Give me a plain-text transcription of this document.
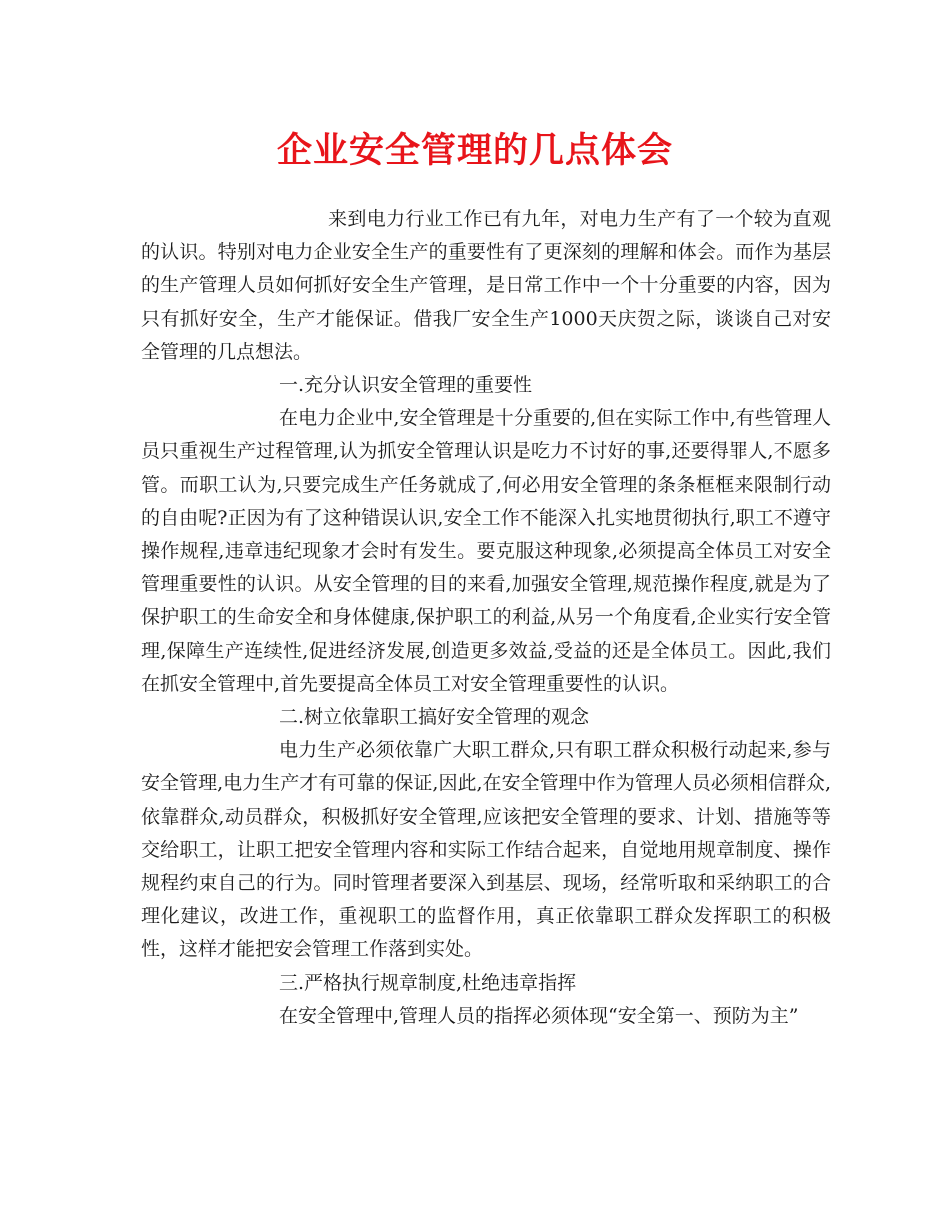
企业安全管理的几点体会

来到电力行业工作已有九年，对电力生产有了一个较为直观的认识。特别对电力企业安全生产的重要性有了更深刻的理解和体会。而作为基层的生产管理人员如何抓好安全生产管理，是日常工作中一个十分重要的内容，因为只有抓好安全，生产才能保证。借我厂安全生产1000天庆贺之际，谈谈自己对安全管理的几点想法。

一.充分认识安全管理的重要性

在电力企业中,安全管理是十分重要的,但在实际工作中,有些管理人员只重视生产过程管理,认为抓安全管理认识是吃力不讨好的事,还要得罪人,不愿多管。而职工认为,只要完成生产任务就成了,何必用安全管理的条条框框来限制行动的自由呢?正因为有了这种错误认识,安全工作不能深入扎实地贯彻执行,职工不遵守操作规程,违章违纪现象才会时有发生。要克服这种现象,必须提高全体员工对安全管理重要性的认识。从安全管理的目的来看,加强安全管理,规范操作程度,就是为了保护职工的生命安全和身体健康,保护职工的利益,从另一个角度看,企业实行安全管理,保障生产连续性,促进经济发展,创造更多效益,受益的还是全体员工。因此,我们在抓安全管理中,首先要提高全体员工对安全管理重要性的认识。

二.树立依靠职工搞好安全管理的观念

电力生产必须依靠广大职工群众,只有职工群众积极行动起来,参与安全管理,电力生产才有可靠的保证,因此,在安全管理中作为管理人员必须相信群众,依靠群众,动员群众，积极抓好安全管理,应该把安全管理的要求、计划、措施等等交给职工，让职工把安全管理内容和实际工作结合起来，自觉地用规章制度、操作规程约束自己的行为。同时管理者要深入到基层、现场，经常听取和采纳职工的合理化建议，改进工作，重视职工的监督作用，真正依靠职工群众发挥职工的积极性，这样才能把安会管理工作落到实处。

三.严格执行规章制度,杜绝违章指挥

在安全管理中,管理人员的指挥必须体现“安全第一、预防为主”
